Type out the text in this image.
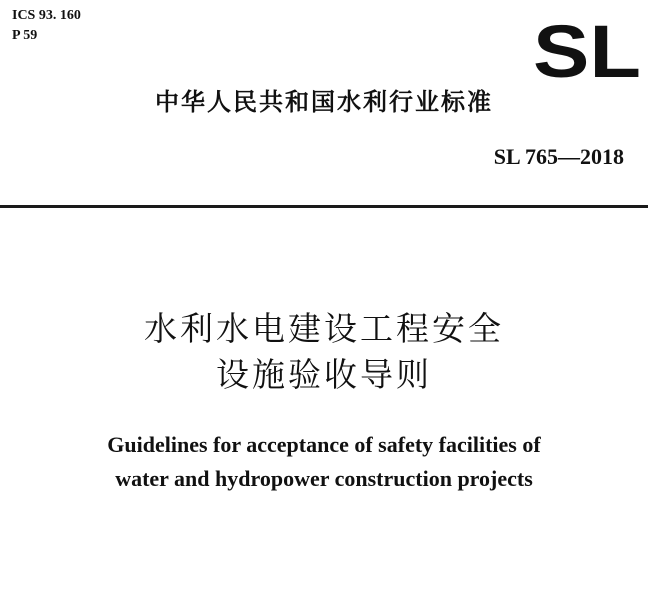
ICS 93. 160
P 59	SL
中华人民共和国水利行业标准
SL 765—2018
水利水电建设工程安全
设施验收导则
Guidelines for acceptance of safety facilities of
water and hydropower construction projects
